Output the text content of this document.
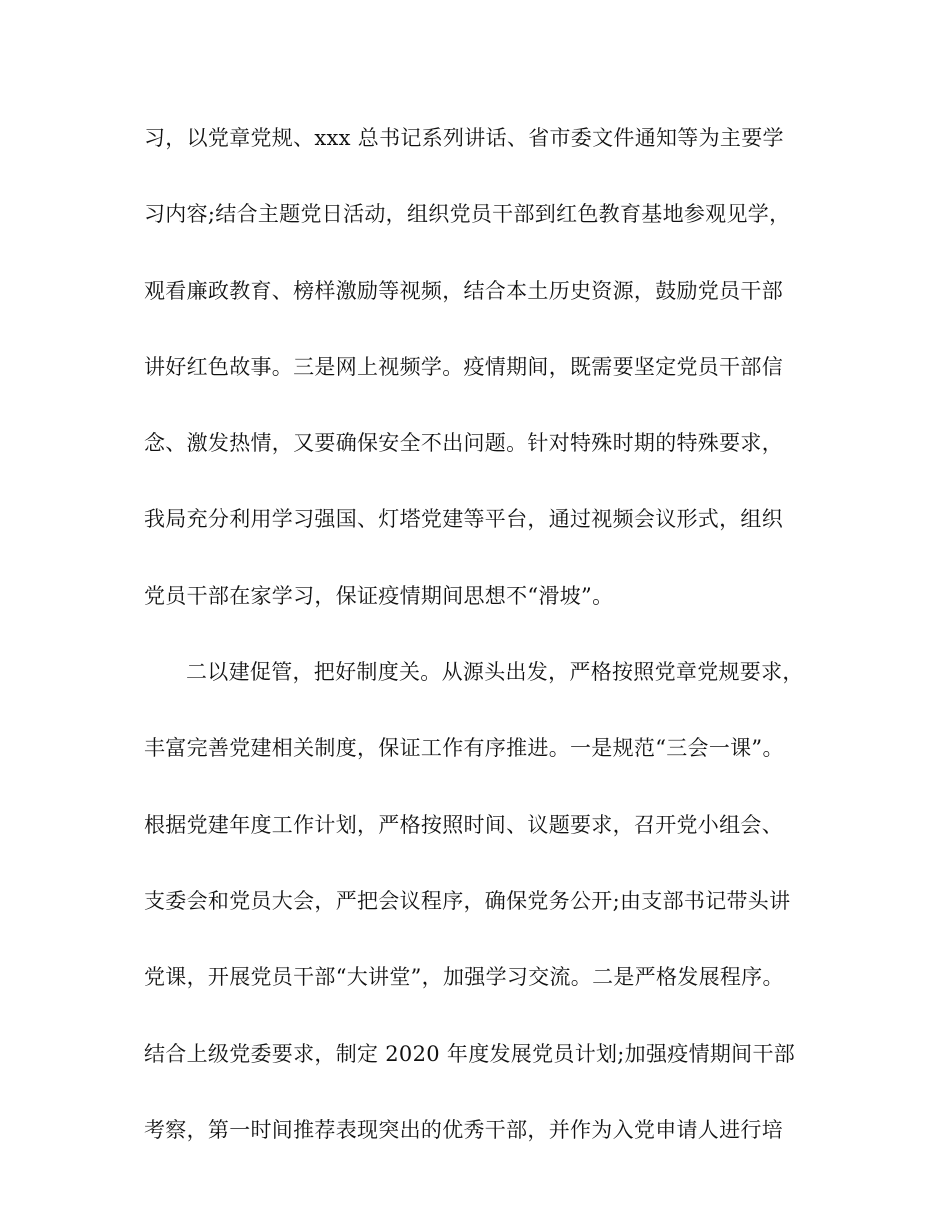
习，以党章党规、xxx 总书记系列讲话、省市委文件通知等为主要学
习内容;结合主题党日活动，组织党员干部到红色教育基地参观见学，
观看廉政教育、榜样激励等视频，结合本土历史资源，鼓励党员干部
讲好红色故事。三是网上视频学。疫情期间，既需要坚定党员干部信
念、激发热情，又要确保安全不出问题。针对特殊时期的特殊要求，
我局充分利用学习强国、灯塔党建等平台，通过视频会议形式，组织
党员干部在家学习，保证疫情期间思想不“滑坡”。
二以建促管，把好制度关。从源头出发，严格按照党章党规要求，
丰富完善党建相关制度，保证工作有序推进。一是规范“三会一课”。
根据党建年度工作计划，严格按照时间、议题要求，召开党小组会、
支委会和党员大会，严把会议程序，确保党务公开;由支部书记带头讲
党课，开展党员干部“大讲堂”，加强学习交流。二是严格发展程序。
结合上级党委要求，制定 2020 年度发展党员计划;加强疫情期间干部
考察，第一时间推荐表现突出的优秀干部，并作为入党申请人进行培
